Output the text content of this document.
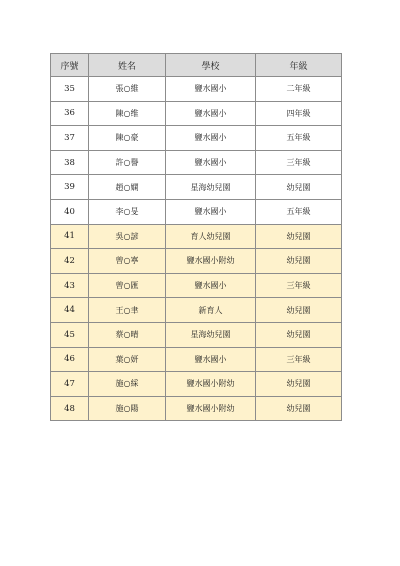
序號	姓名	學校	年級
35	張○維	鹽水國小	二年級
36	陳○维	鹽水國小	四年級
37	陳○豪	鹽水國小	五年級
38	許○譽	鹽水國小	三年級
39	趙○嫻	星海幼兒園	幼兒園
40	李○旻	鹽水國小	五年級
41	吳○諺	育人幼兒園	幼兒園
42	曾○寧	鹽水國小附幼	幼兒園
43	曾○匯	鹽水國小	三年級
44	王○聿	新育人	幼兒園
45	蔡○晴	星海幼兒園	幼兒園
46	葉○妍	鹽水國小	三年級
47	施○綵	鹽水國小附幼	幼兒園
48	施○陽	鹽水國小附幼	幼兒園
